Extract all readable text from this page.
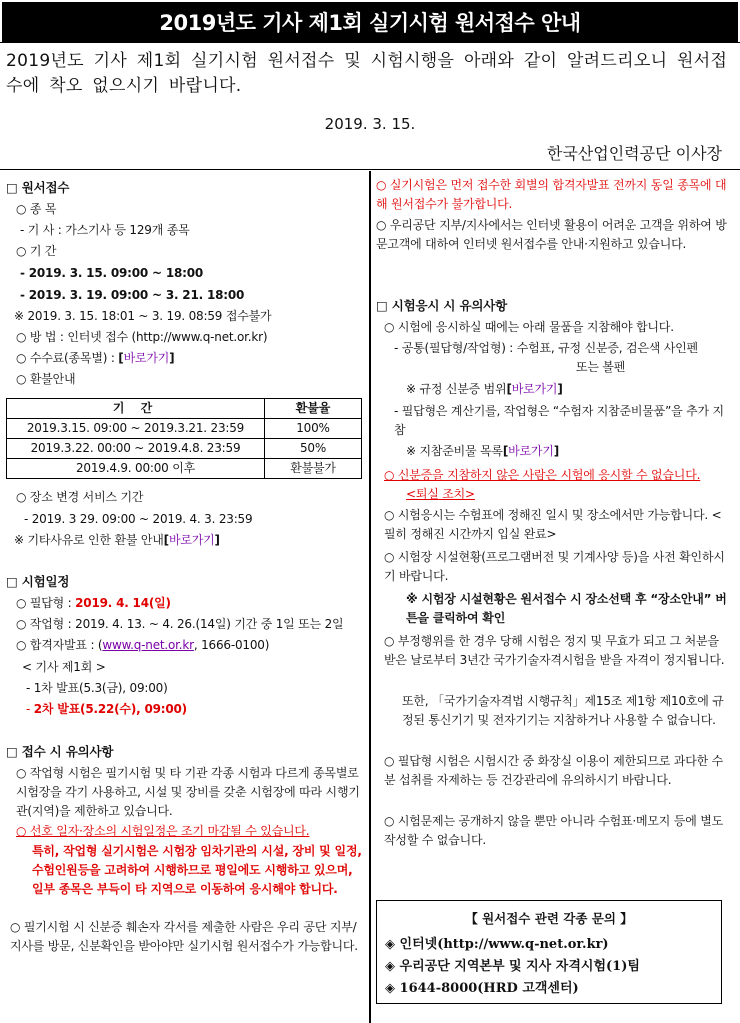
2019년도 기사 제1회 실기시험 원서접수 안내
2019년도 기사 제1회 실기시험 원서접수 및 시험시행을 아래와 같이 알려드리오니 원서접수에 착오 없으시기 바랍니다.
2019. 3. 15.
한국산업인력공단 이사장
□ 원서접수
○ 종 목
- 기 사 : 가스기사 등 129개 종목
○ 기 간
- 2019. 3. 15. 09:00 ~ 18:00
- 2019. 3. 19. 09:00 ~ 3. 21. 18:00
※ 2019. 3. 15. 18:01 ~ 3. 19. 08:59 접수불가
○ 방 법 : 인터넷 접수 (http://www.q-net.or.kr)
○ 수수료(종목별) : [바로가기]
○ 환불안내
기 간	환불율
2019.3.15. 09:00 ~ 2019.3.21. 23:59	100%
2019.3.22. 00:00 ~ 2019.4.8. 23:59	50%
2019.4.9. 00:00 이후	환불불가
○ 장소 변경 서비스 기간
- 2019. 3 29. 09:00 ~ 2019. 4. 3. 23:59
※ 기타사유로 인한 환불 안내[바로가기]
□ 시험일정
○ 필답형 : 2019. 4. 14(일)
○ 작업형 : 2019. 4. 13. ~ 4. 26.(14일) 기간 중 1일 또는 2일
○ 합격자발표 : (www.q-net.or.kr, 1666-0100)
< 기사 제1회 >
- 1차 발표(5.3(금), 09:00)
- 2차 발표(5.22(수), 09:00)
□ 접수 시 유의사항
○ 작업형 시험은 필기시험 및 타 기관 각종 시험과 다르게 종목별로 시험장을 각기 사용하고, 시설 및 장비를 갖춘 시험장에 따라 시행기관(지역)을 제한하고 있습니다.
○ 선호 일자·장소의 시험일정은 조기 마감될 수 있습니다.
특히, 작업형 실기시험은 시험장 임차기관의 시설, 장비 및 일정, 수험인원등을 고려하여 시행하므로 평일에도 시행하고 있으며, 일부 종목은 부득이 타 지역으로 이동하여 응시해야 합니다.
○ 필기시험 시 신분증 훼손자 각서를 제출한 사람은 우리 공단 지부/지사를 방문, 신분확인을 받아야만 실기시험 원서접수가 가능합니다.
○ 실기시험은 먼저 접수한 회별의 합격자발표 전까지 동일 종목에 대해 원서접수가 불가합니다.
○ 우리공단 지부/지사에서는 인터넷 활용이 어려운 고객을 위하여 방문고객에 대하여 인터넷 원서접수를 안내·지원하고 있습니다.
□ 시험응시 시 유의사항
○ 시험에 응시하실 때에는 아래 물품을 지참해야 합니다.
- 공통(필답형/작업형) : 수험표, 규정 신분증, 검은색 사인펜
또는 볼펜
※ 규정 신분증 범위[바로가기]
- 필답형은 계산기를, 작업형은 “수험자 지참준비물품”을 추가 지참
※ 지참준비물 목록[바로가기]
○ 신분증을 지참하지 않은 사람은 시험에 응시할 수 없습니다.
<퇴실 조치>
○ 시험응시는 수험표에 정해진 일시 및 장소에서만 가능합니다. <필히 정해진 시간까지 입실 완료>
○ 시험장 시설현황(프로그램버전 및 기계사양 등)을 사전 확인하시기 바랍니다.
※ 시험장 시설현황은 원서접수 시 장소선택 후 “장소안내” 버튼을 클릭하여 확인
○ 부정행위를 한 경우 당해 시험은 정지 및 무효가 되고 그 처분을 받은 날로부터 3년간 국가기술자격시험을 받을 자격이 정지됩니다.
또한, 「국가기술자격법 시행규칙」제15조 제1항 제10호에 규정된 통신기기 및 전자기기는 지참하거나 사용할 수 없습니다.
○ 필답형 시험은 시험시간 중 화장실 이용이 제한되므로 과다한 수분 섭취를 자제하는 등 건강관리에 유의하시기 바랍니다.
○ 시험문제는 공개하지 않을 뿐만 아니라 수험표·메모지 등에 별도 작성할 수 없습니다.
【 원서접수 관련 각종 문의 】
◈ 인터넷(http://www.q-net.or.kr)
◈ 우리공단 지역본부 및 지사 자격시험(1)팀
◈ 1644-8000(HRD 고객센터)
